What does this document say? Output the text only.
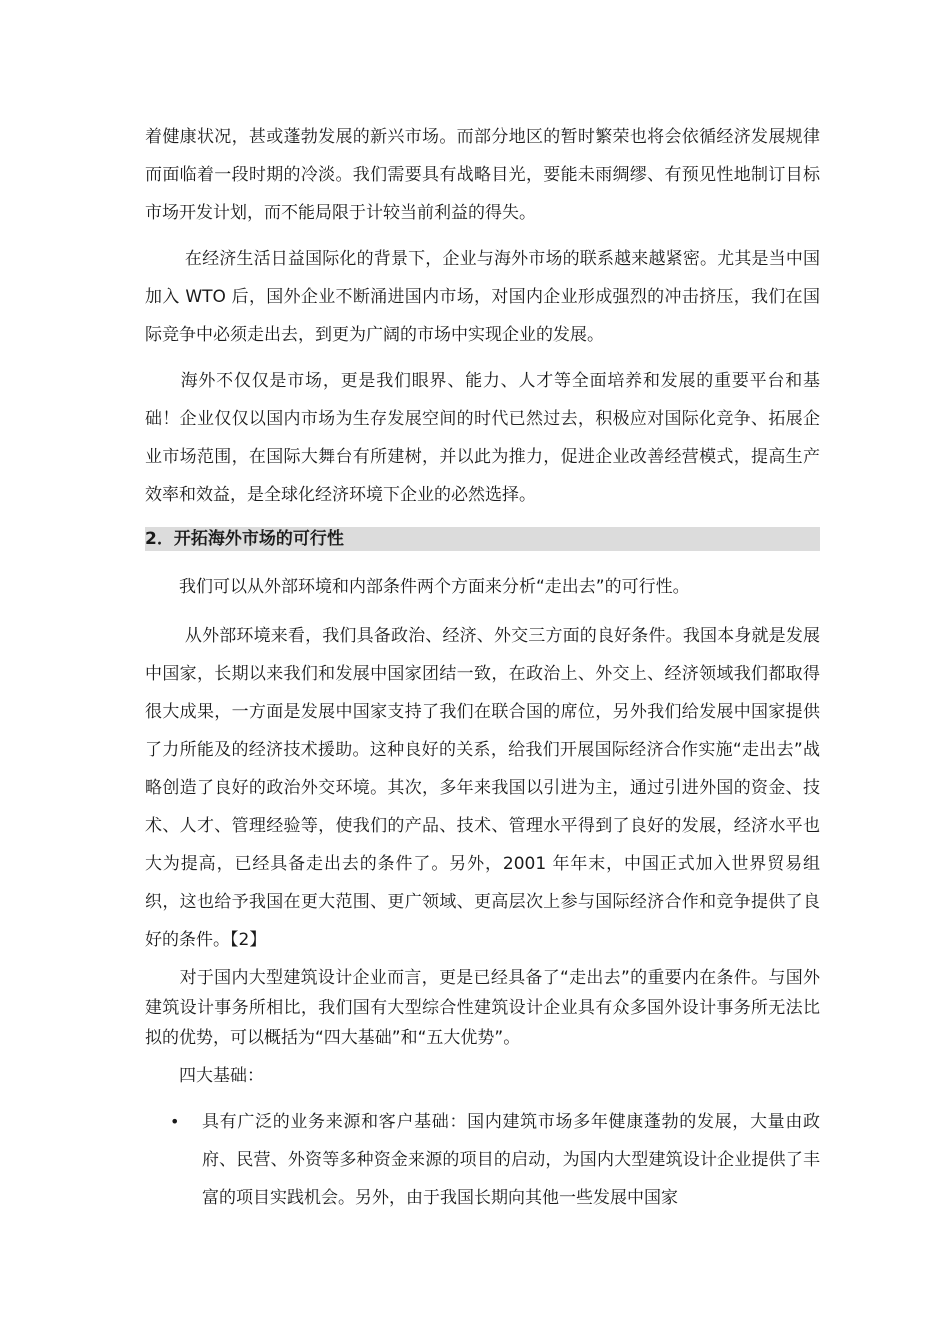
着健康状况，甚或蓬勃发展的新兴市场。而部分地区的暂时繁荣也将会依循经济发展规律而面临着一段时期的冷淡。我们需要具有战略目光，要能未雨绸缪、有预见性地制订目标市场开发计划，而不能局限于计较当前利益的得失。

　　 在经济生活日益国际化的背景下，企业与海外市场的联系越来越紧密。尤其是当中国加入 WTO 后，国外企业不断涌进国内市场，对国内企业形成强烈的冲击挤压，我们在国际竞争中必须走出去，到更为广阔的市场中实现企业的发展。

　　海外不仅仅是市场，更是我们眼界、能力、人才等全面培养和发展的重要平台和基础！企业仅仅以国内市场为生存发展空间的时代已然过去，积极应对国际化竞争、拓展企业市场范围，在国际大舞台有所建树，并以此为推力，促进企业改善经营模式，提高生产效率和效益，是全球化经济环境下企业的必然选择。

2．开拓海外市场的可行性

　　我们可以从外部环境和内部条件两个方面来分析“走出去”的可行性。

　　 从外部环境来看，我们具备政治、经济、外交三方面的良好条件。我国本身就是发展中国家，长期以来我们和发展中国家团结一致，在政治上、外交上、经济领域我们都取得很大成果，一方面是发展中国家支持了我们在联合国的席位，另外我们给发展中国家提供了力所能及的经济技术援助。这种良好的关系，给我们开展国际经济合作实施“走出去”战略创造了良好的政治外交环境。其次，多年来我国以引进为主，通过引进外国的资金、技术、人才、管理经验等，使我们的产品、技术、管理水平得到了良好的发展，经济水平也大为提高，已经具备走出去的条件了。另外，2001 年年末，中国正式加入世界贸易组织，这也给予我国在更大范围、更广领域、更高层次上参与国际经济合作和竞争提供了良好的条件。【2】

　　对于国内大型建筑设计企业而言，更是已经具备了“走出去”的重要内在条件。与国外建筑设计事务所相比，我们国有大型综合性建筑设计企业具有众多国外设计事务所无法比拟的优势，可以概括为“四大基础”和“五大优势”。

　　四大基础：

• 具有广泛的业务来源和客户基础：国内建筑市场多年健康蓬勃的发展，大量由政府、民营、外资等多种资金来源的项目的启动，为国内大型建筑设计企业提供了丰富的项目实践机会。另外，由于我国长期向其他一些发展中国家
